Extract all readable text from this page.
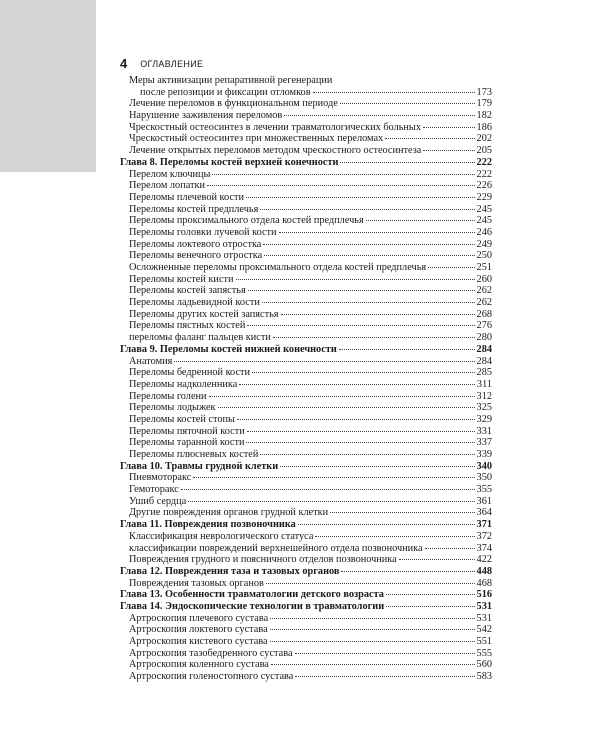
4 ОГЛАВЛЕНИЕ
Меры активизации репаративной регенерации
после репозиции и фиксации отломков	173
Лечение переломов в функциональном периоде	179
Нарушение заживления переломов	182
Чрескостный остеосинтез в лечении травматологических больных	186
Чрескостный остеосинтез при множественных переломах	202
Лечение открытых переломов методом чрескостного остеосинтеза	205
Глава 8. Переломы костей верхней конечности	222
Перелом ключицы	222
Перелом лопатки	226
Переломы плечевой кости	229
Переломы костей предплечья	245
Переломы проксимального отдела костей предплечья	245
Переломы головки лучевой кости	246
Переломы локтевого отростка	249
Переломы венечного отростка	250
Осложненные переломы проксимального отдела костей предплечья	251
Переломы костей кисти	260
Переломы костей запястья	262
Переломы ладьевидной кости	262
Переломы других костей запястья	268
Переломы пястных костей	276
переломы фаланг пальцев кисти	280
Глава 9. Переломы костей нижней конечности	284
Анатомия	284
Переломы бедренной кости	285
Переломы надколенника	311
Переломы голени	312
Переломы лодыжек	325
Переломы костей стопы	329
Переломы пяточной кости	331
Переломы таранной кости	337
Переломы плюсневых костей	339
Глава 10. Травмы грудной клетки	340
Пневмоторакс	350
Гемоторакс	355
Ушиб сердца	361
Другие повреждения органов грудной клетки	364
Глава 11. Повреждения позвоночника	371
Классификация неврологического статуса	372
классификации повреждений верхнешейного отдела позвоночника	374
Повреждения грудного и поясничного отделов позвоночника	422
Глава 12. Повреждения таза и тазовых органов	448
Повреждения тазовых органов	468
Глава 13. Особенности травматологии детского возраста	516
Глава 14. Эндоскопические технологии в травматологии	531
Артроскопия плечевого сустава	531
Артроскопия локтевого сустава	542
Артроскопия кистевого сустава	551
Артроскопия тазобедренного сустава	555
Артроскопия коленного сустава	560
Артроскопия голеностопного сустава	583
